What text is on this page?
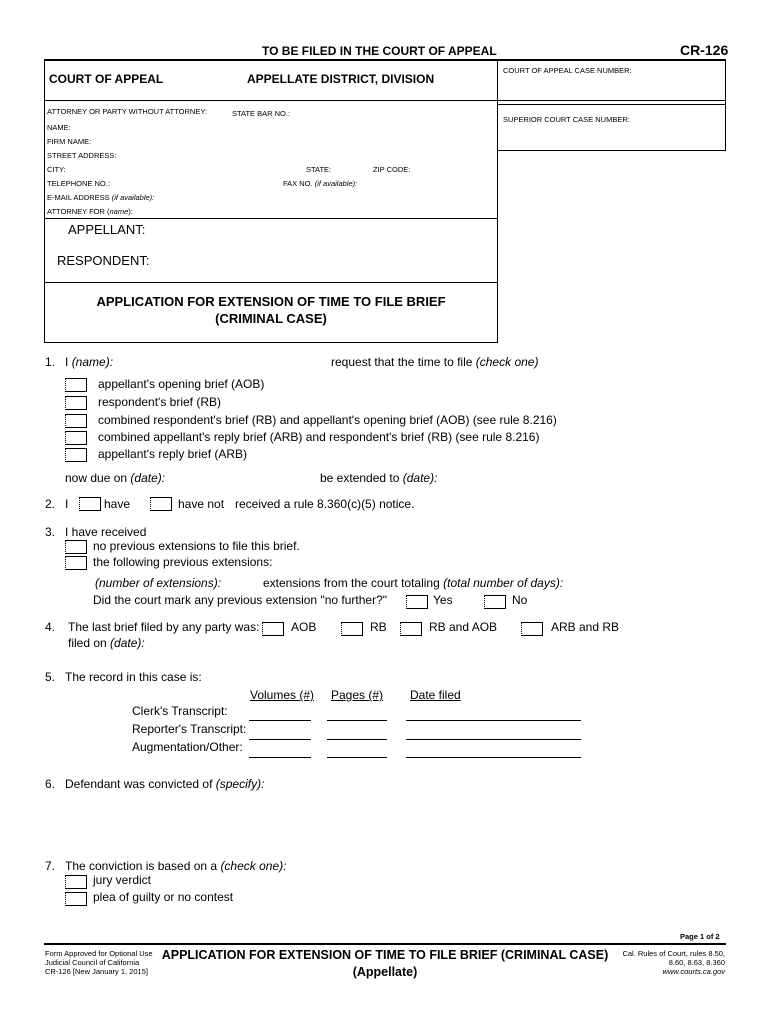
TO BE FILED IN THE COURT OF APPEAL	CR-126
COURT OF APPEAL	APPELLATE DISTRICT, DIVISION
COURT OF APPEAL CASE NUMBER:
SUPERIOR COURT CASE NUMBER:
ATTORNEY OR PARTY WITHOUT ATTORNEY:	STATE BAR NO.:
NAME:
FIRM NAME:
STREET ADDRESS:
CITY:	STATE:	ZIP CODE:
TELEPHONE NO.:	FAX NO. (if available):
E-MAIL ADDRESS (if available):
ATTORNEY FOR (name):
APPELLANT:
RESPONDENT:
APPLICATION FOR EXTENSION OF TIME TO FILE BRIEF
(CRIMINAL CASE)
1. I (name):	request that the time to file (check one)
appellant's opening brief (AOB)
respondent's brief (RB)
combined respondent's brief (RB) and appellant's opening brief (AOB) (see rule 8.216)
combined appellant's reply brief (ARB) and respondent's brief (RB) (see rule 8.216)
appellant's reply brief (ARB)
now due on (date):	be extended to (date):
2. I	have	have not received a rule 8.360(c)(5) notice.
3. I have received
no previous extensions to file this brief.
the following previous extensions:
(number of extensions):	extensions from the court totaling (total number of days):
Did the court mark any previous extension "no further?"	Yes	No
4. The last brief filed by any party was:	AOB	RB	RB and AOB	ARB and RB
filed on (date):
5. The record in this case is:
Volumes (#) Pages (#) Date filed
Clerk's Transcript:
Reporter's Transcript:
Augmentation/Other:
6. Defendant was convicted of (specify):
7. The conviction is based on a (check one):
jury verdict
plea of guilty or no contest
Page 1 of 2
Form Approved for Optional Use
Judicial Council of California
CR-126 [New January 1, 2015]
APPLICATION FOR EXTENSION OF TIME TO FILE BRIEF (CRIMINAL CASE)
(Appellate)
Cal. Rules of Court, rules 8.50,
8.60, 8.63, 8.360
www.courts.ca.gov
